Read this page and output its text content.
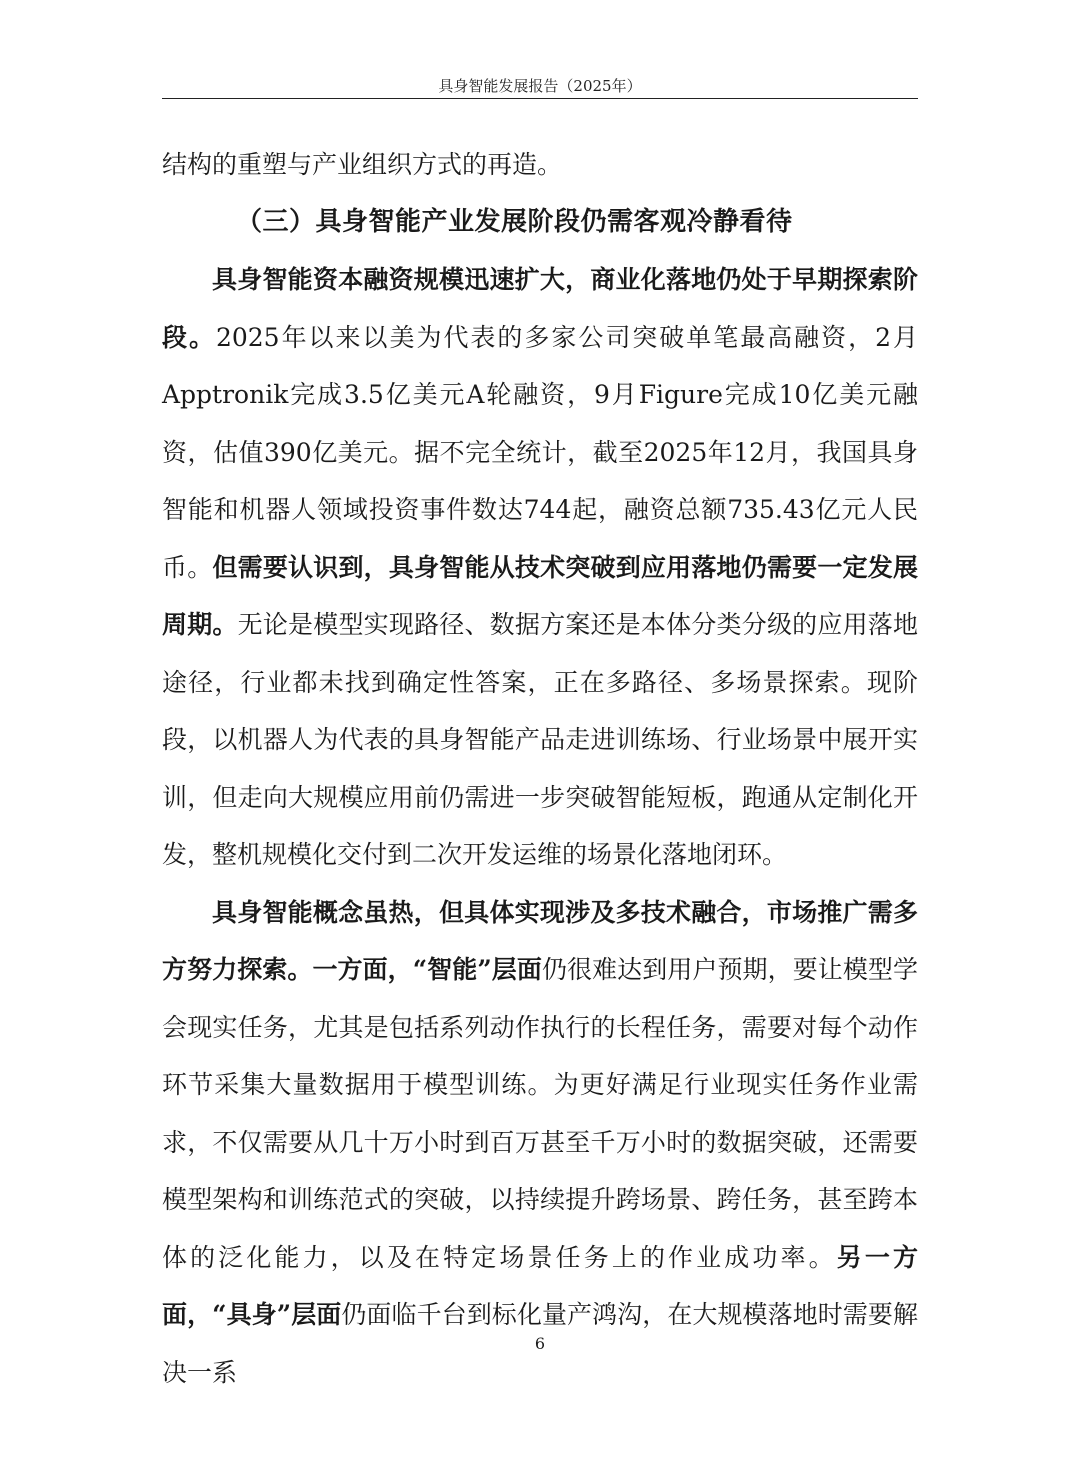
具身智能发展报告（2025年）

结构的重塑与产业组织方式的再造。

（三）具身智能产业发展阶段仍需客观冷静看待

具身智能资本融资规模迅速扩大，商业化落地仍处于早期探索阶段。2025年以来以美为代表的多家公司突破单笔最高融资，2月Apptronik完成3.5亿美元A轮融资，9月Figure完成10亿美元融资，估值390亿美元。据不完全统计，截至2025年12月，我国具身智能和机器人领域投资事件数达744起，融资总额735.43亿元人民币。但需要认识到，具身智能从技术突破到应用落地仍需要一定发展周期。无论是模型实现路径、数据方案还是本体分类分级的应用落地途径，行业都未找到确定性答案，正在多路径、多场景探索。现阶段，以机器人为代表的具身智能产品走进训练场、行业场景中展开实训，但走向大规模应用前仍需进一步突破智能短板，跑通从定制化开发，整机规模化交付到二次开发运维的场景化落地闭环。

具身智能概念虽热，但具体实现涉及多技术融合，市场推广需多方努力探索。一方面，“智能”层面仍很难达到用户预期，要让模型学会现实任务，尤其是包括系列动作执行的长程任务，需要对每个动作环节采集大量数据用于模型训练。为更好满足行业现实任务作业需求，不仅需要从几十万小时到百万甚至千万小时的数据突破，还需要模型架构和训练范式的突破，以持续提升跨场景、跨任务，甚至跨本体的泛化能力，以及在特定场景任务上的作业成功率。另一方面，“具身”层面仍面临千台到标化量产鸿沟，在大规模落地时需要解决一系

6
